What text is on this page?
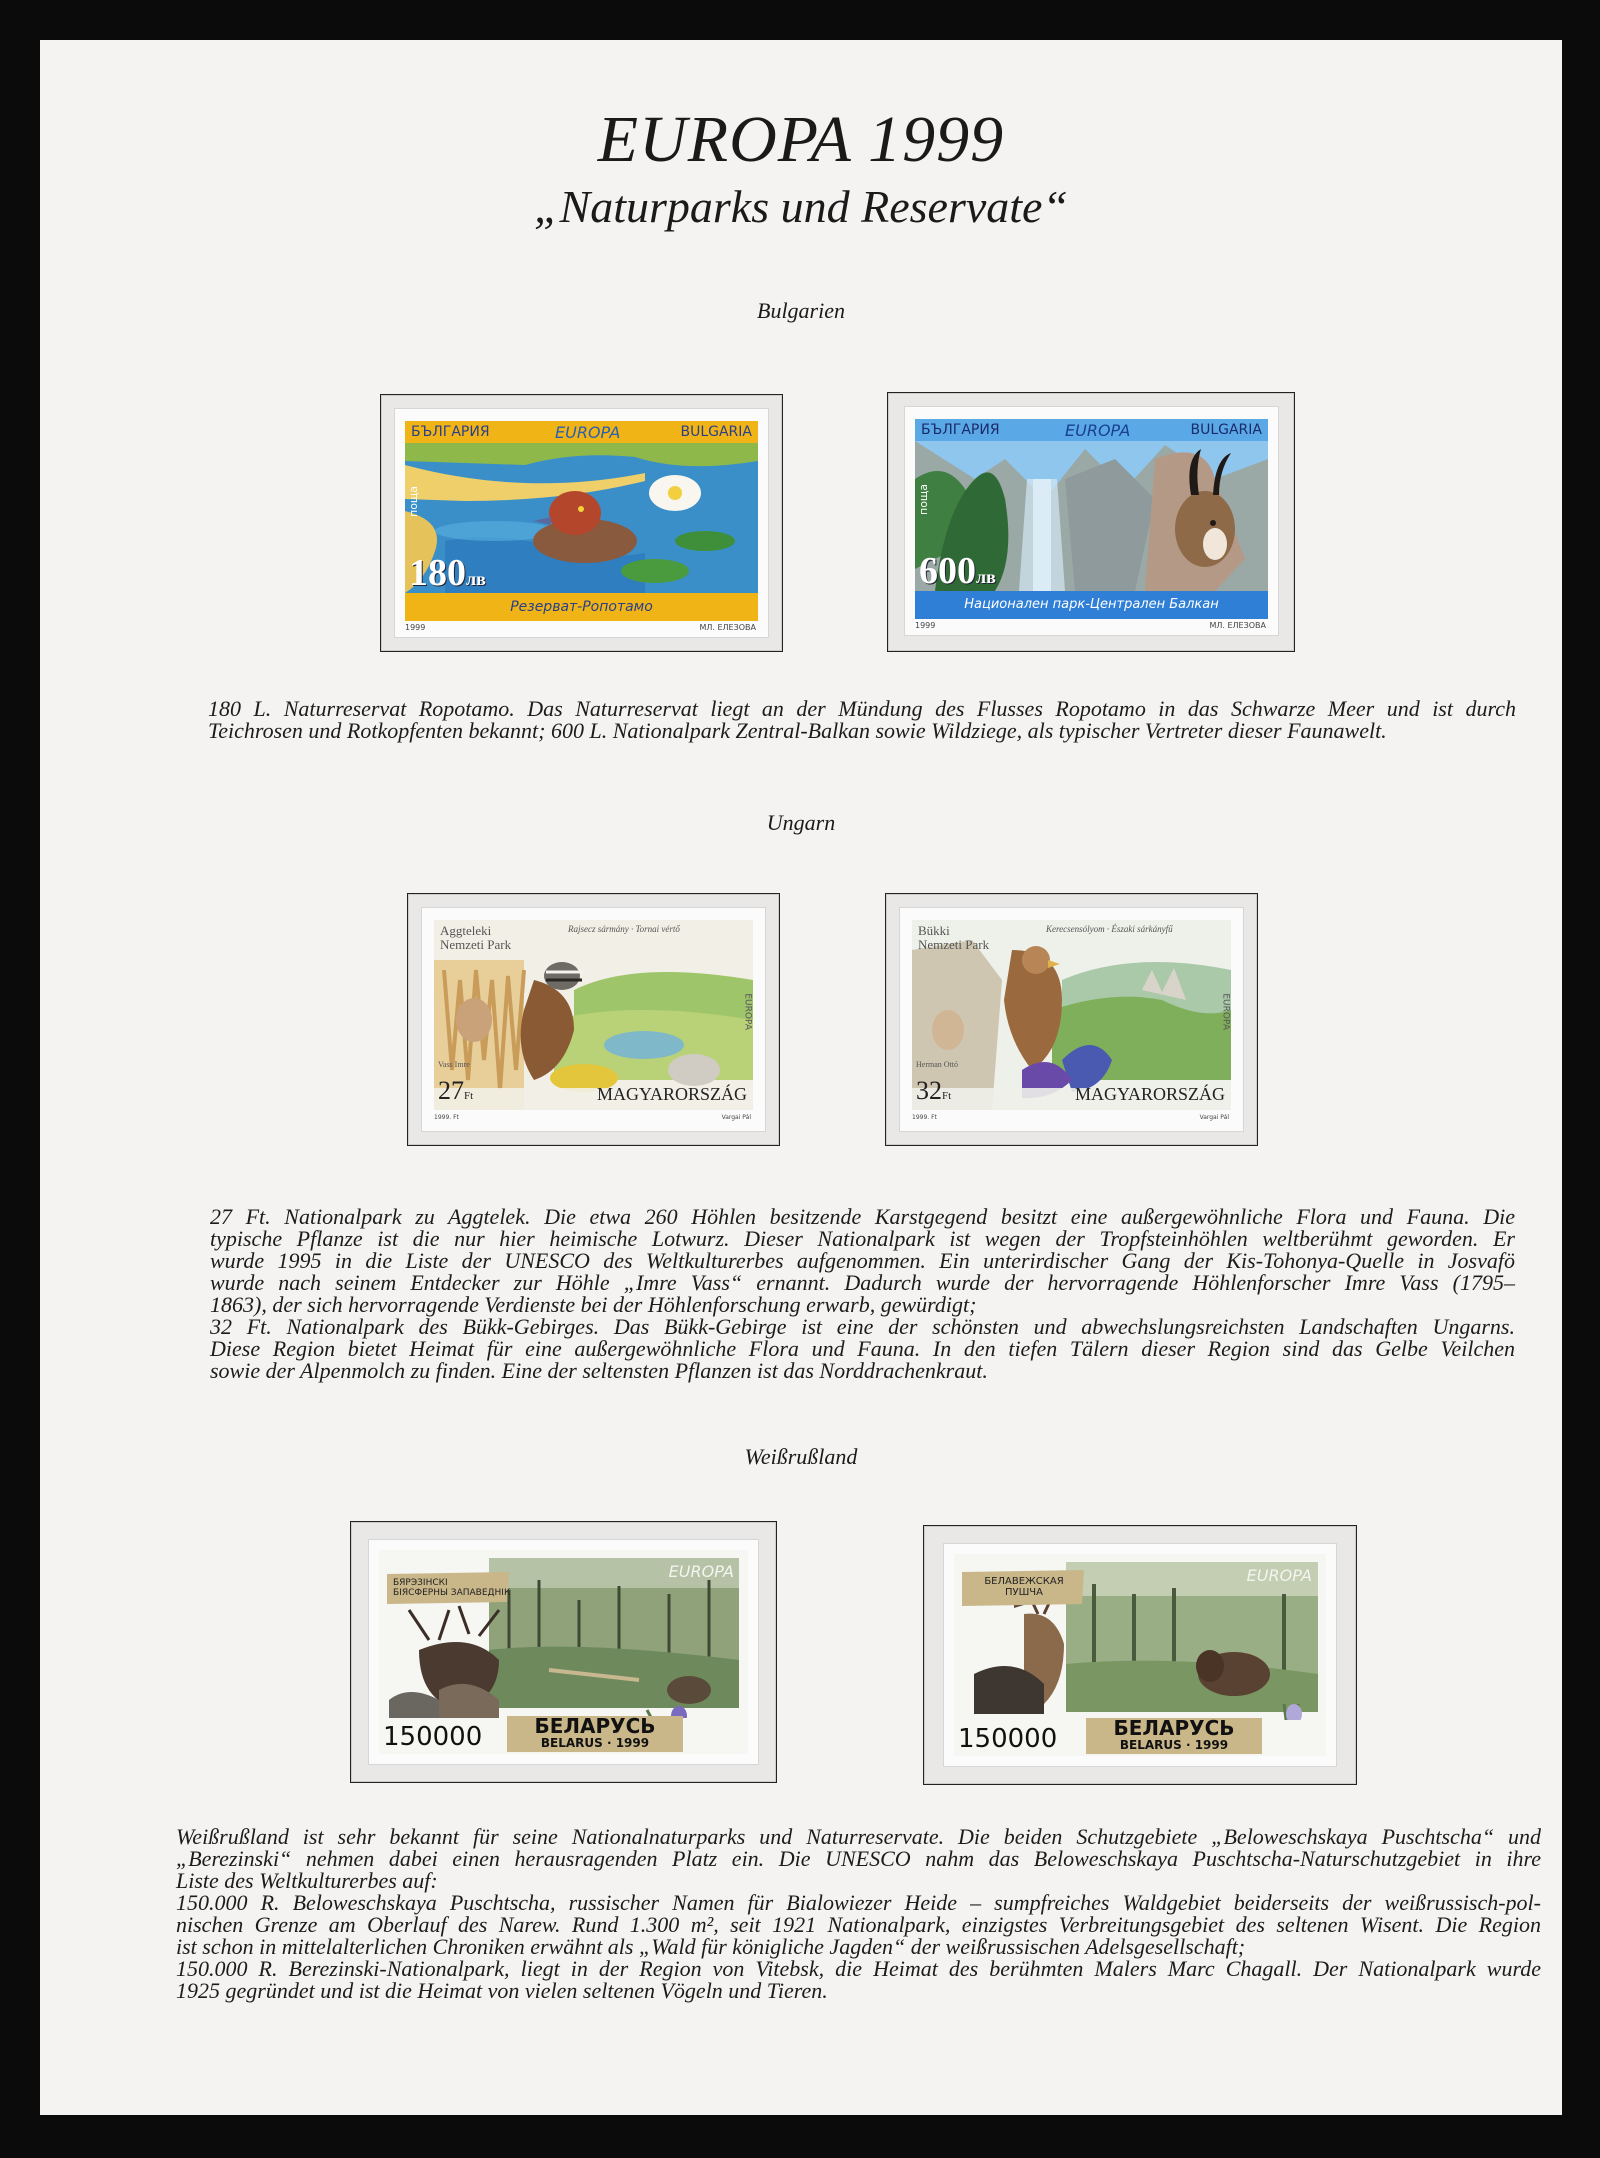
EUROPA 1999
„Naturparks und Reservate“
Bulgarien
БЪЛГАРИЯ	EUROPA	BULGARIA
поща
180лв
Резерват-Ропотамо
1999	МЛ. ЕЛЕЗОВА
БЪЛГАРИЯ	EUROPA	BULGARIA
поща
600лв
Национален парк-Централен Балкан
1999	МЛ. ЕЛЕЗОВА
180 L. Naturreservat Ropotamo. Das Naturreservat liegt an der Mündung des Flusses Ropotamo in das Schwarze Meer und ist durch
Teichrosen und Rotkopfenten bekannt; 600 L. Nationalpark Zentral-Balkan sowie Wildziege, als typischer Vertreter dieser Faunawelt.
Ungarn
Aggteleki
Nemzeti Park
Rajsecz sármány · Tornai vértő
Vass Imre
27Ft
EUROPA
MAGYARORSZÁG
1999. Ft	Vargai Pál
Bükki
Nemzeti Park
Kerecsensólyom · Északi sárkányfű
Herman Ottó
32Ft
EUROPA
MAGYARORSZÁG
1999. Ft	Vargai Pál
27 Ft. Nationalpark zu Aggtelek. Die etwa 260 Höhlen besitzende Karstgegend besitzt eine außergewöhnliche Flora und Fauna. Die
typische Pflanze ist die nur hier heimische Lotwurz. Dieser Nationalpark ist wegen der Tropfsteinhöhlen weltberühmt geworden. Er
wurde 1995 in die Liste der UNESCO des Weltkulturerbes aufgenommen. Ein unterirdischer Gang der Kis-Tohonya-Quelle in Josvafö
wurde nach seinem Entdecker zur Höhle „Imre Vass“ ernannt. Dadurch wurde der hervorragende Höhlenforscher Imre Vass (1795–
1863), der sich hervorragende Verdienste bei der Höhlenforschung erwarb, gewürdigt;
32 Ft. Nationalpark des Bükk-Gebirges. Das Bükk-Gebirge ist eine der schönsten und abwechslungsreichsten Landschaften Ungarns.
Diese Region bietet Heimat für eine außergewöhnliche Flora und Fauna. In den tiefen Tälern dieser Region sind das Gelbe Veilchen
sowie der Alpenmolch zu finden. Eine der seltensten Pflanzen ist das Norddrachenkraut.
Weißrußland
БЯРЭЗІНСКІ
БІЯСФЕРНЫ ЗАПАВЕДНІК
EUROPA
150000	БЕЛАРУСЬ
BELARUS · 1999
БЕЛАВЕЖСКАЯ
ПУШЧА
EUROPA
150000	БЕЛАРУСЬ
BELARUS · 1999
Weißrußland ist sehr bekannt für seine Nationalnaturparks und Naturreservate. Die beiden Schutzgebiete „Beloweschskaya Puschtscha“ und
„Berezinski“ nehmen dabei einen herausragenden Platz ein. Die UNESCO nahm das Beloweschskaya Puschtscha-Naturschutzgebiet in ihre
Liste des Weltkulturerbes auf:
150.000 R. Beloweschskaya Puschtscha, russischer Namen für Bialowiezer Heide – sumpfreiches Waldgebiet beiderseits der weißrussisch-pol-
nischen Grenze am Oberlauf des Narew. Rund 1.300 m², seit 1921 Nationalpark, einzigstes Verbreitungsgebiet des seltenen Wisent. Die Region
ist schon in mittelalterlichen Chroniken erwähnt als „Wald für königliche Jagden“ der weißrussischen Adelsgesellschaft;
150.000 R. Berezinski-Nationalpark, liegt in der Region von Vitebsk, die Heimat des berühmten Malers Marc Chagall. Der Nationalpark wurde
1925 gegründet und ist die Heimat von vielen seltenen Vögeln und Tieren.
